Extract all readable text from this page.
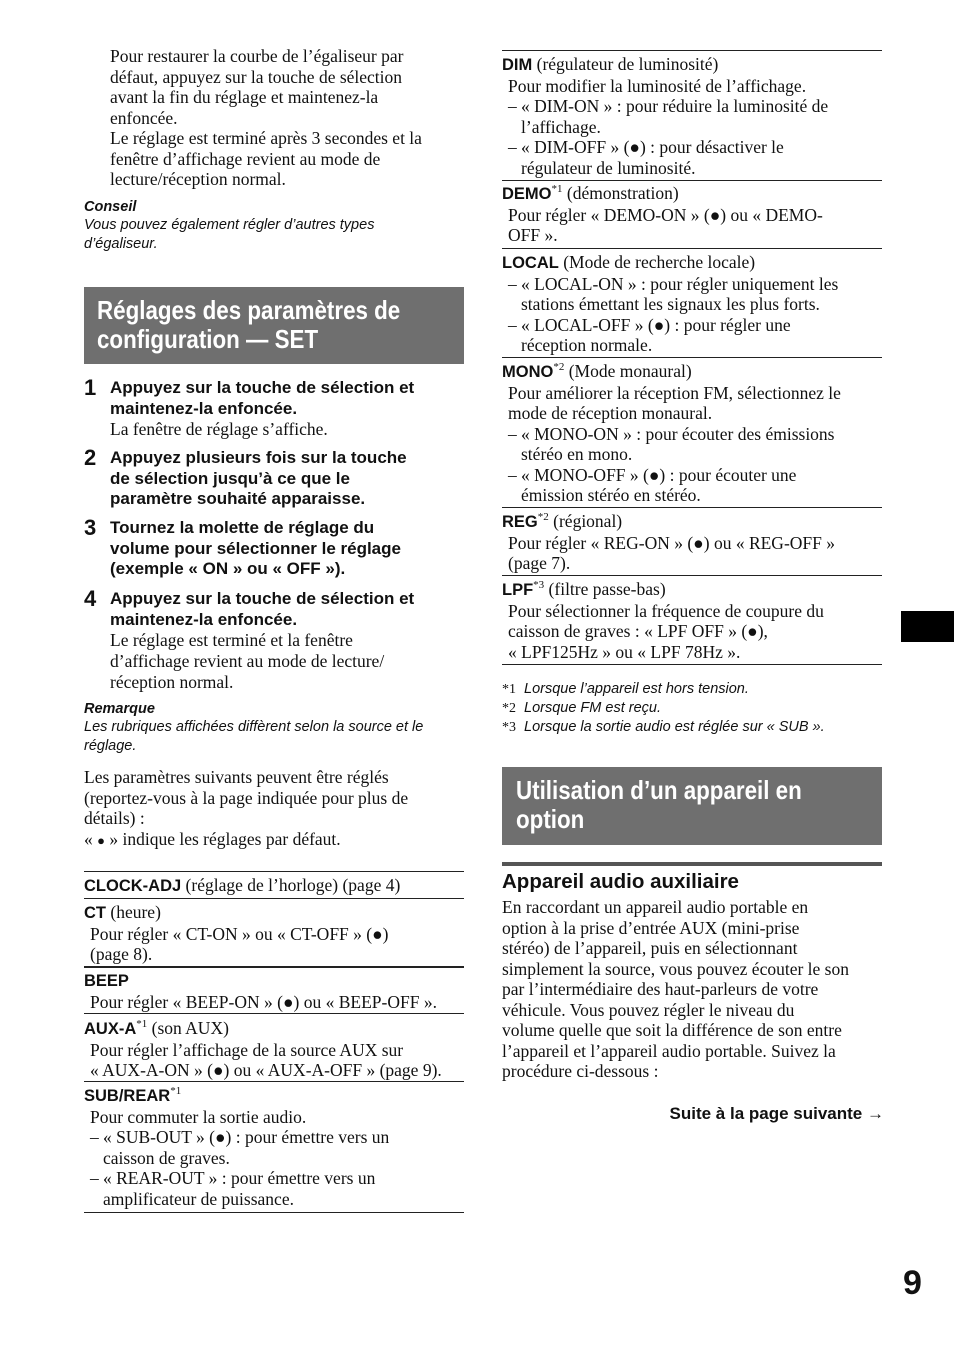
Pour restaurer la courbe de l’égaliseur par
défaut, appuyez sur la touche de sélection
avant la fin du réglage et maintenez-la
enfoncée.
Le réglage est terminé après 3 secondes et la
fenêtre d’affichage revient au mode de
lecture/réception normal.
Conseil
Vous pouvez également régler d’autres types
d’égaliseur.
Réglages des paramètres de
configuration — SET
1 Appuyez sur la touche de sélection et
maintenez-la enfoncée.
La fenêtre de réglage s’affiche.
2 Appuyez plusieurs fois sur la touche
de sélection jusqu’à ce que le
paramètre souhaité apparaisse.
3 Tournez la molette de réglage du
volume pour sélectionner le réglage
(exemple « ON » ou « OFF »).
4 Appuyez sur la touche de sélection et
maintenez-la enfoncée.
Le réglage est terminé et la fenêtre
d’affichage revient au mode de lecture/
réception normal.
Remarque
Les rubriques affichées diffèrent selon la source et le
réglage.
Les paramètres suivants peuvent être réglés
(reportez-vous à la page indiquée pour plus de
détails) :
« ● » indique les réglages par défaut.
CLOCK-ADJ (réglage de l’horloge) (page 4)
CT (heure)
Pour régler « CT-ON » ou « CT-OFF » (●)
(page 8).
BEEP
Pour régler « BEEP-ON » (●) ou « BEEP-OFF ».
AUX-$A^{*1}$ (son AUX)
Pour régler l’affichage de la source AUX sur
« AUX-A-ON » (●) ou « AUX-A-OFF » (page 9).
SUB/REAR$^{*1}$
Pour commuter la sortie audio.
– « SUB-OUT » (●) : pour émettre vers un
caisson de graves.
– « REAR-OUT » : pour émettre vers un
amplificateur de puissance.
DIM (régulateur de luminosité)
Pour modifier la luminosité de l’affichage.
– « DIM-ON » : pour réduire la luminosité de
l’affichage.
– « DIM-OFF » (●) : pour désactiver le
régulateur de luminosité.
DEMO$^{*1}$ (démonstration)
Pour régler « DEMO-ON » (●) ou « DEMO-
OFF ».
LOCAL (Mode de recherche locale)
– « LOCAL-ON » : pour régler uniquement les
stations émettant les signaux les plus forts.
– « LOCAL-OFF » (●) : pour régler une
réception normale.
MONO$^{*2}$ (Mode monaural)
Pour améliorer la réception FM, sélectionnez le
mode de réception monaural.
– « MONO-ON » : pour écouter des émissions
stéréo en mono.
– « MONO-OFF » (●) : pour écouter une
émission stéréo en stéréo.
REG$^{*2}$ (régional)
Pour régler « REG-ON » (●) ou « REG-OFF »
(page 7).
LPF$^{*3}$ (filtre passe-bas)
Pour sélectionner la fréquence de coupure du
caisson de graves : « LPF OFF » (●),
« LPF125Hz » ou « LPF 78Hz ».
*1 Lorsque l’appareil est hors tension.
*2 Lorsque FM est reçu.
*3 Lorsque la sortie audio est réglée sur « SUB ».
Utilisation d’un appareil en
option
Appareil audio auxiliaire
En raccordant un appareil audio portable en
option à la prise d’entrée AUX (mini-prise
stéréo) de l’appareil, puis en sélectionnant
simplement la source, vous pouvez écouter le son
par l’intermédiaire des haut-parleurs de votre
véhicule. Vous pouvez régler le niveau du
volume quelle que soit la différence de son entre
l’appareil et l’appareil audio portable. Suivez la
procédure ci-dessous :
Suite à la page suivante →
9
